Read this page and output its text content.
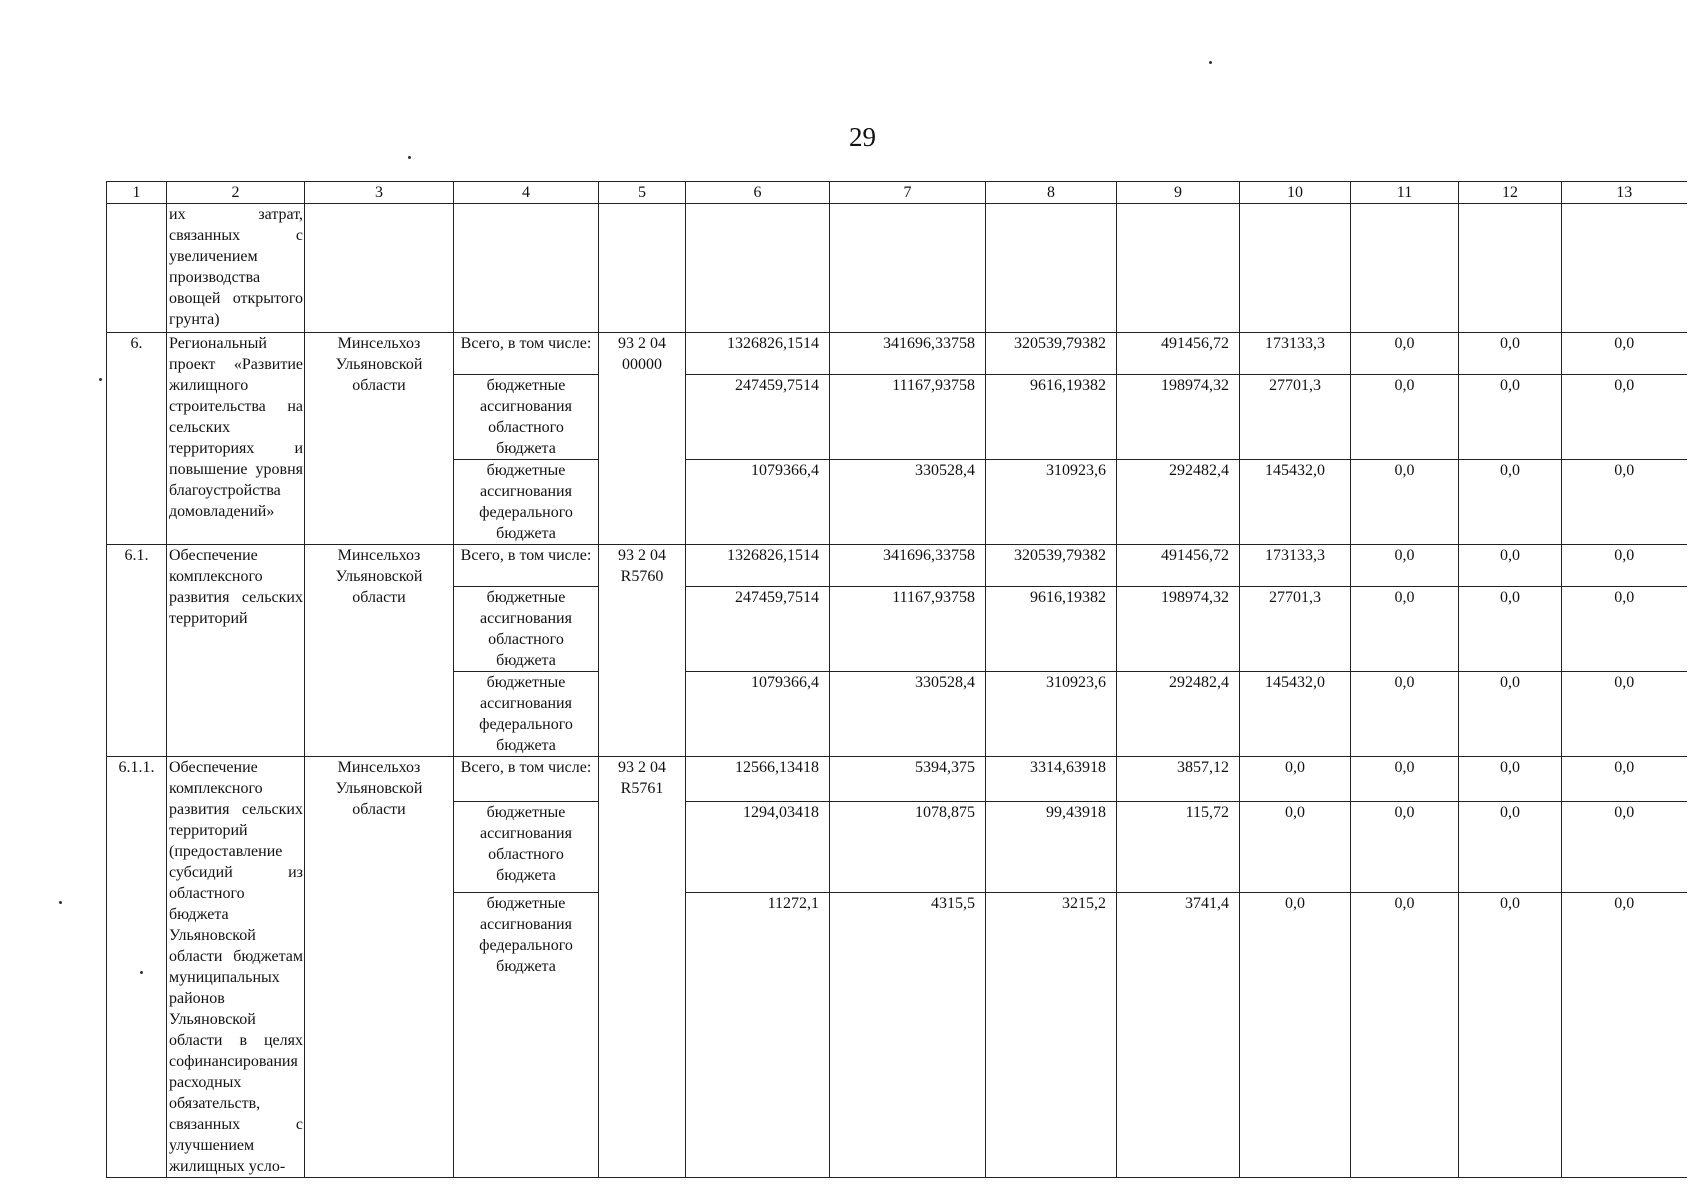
29
1	2	3	4	5	6	7	8	9	10	11	12	13
	их затрат, связанных с увеличением производства овощей открытого грунта)											
6.	Региональный проект «Развитие жилищного строительства на сельских территориях и повышение уровня благоустройства домовладений»	Минсельхоз Ульяновской области	Всего, в том числе:	93 2 04 00000	1326826,1514	341696,33758	320539,79382	491456,72	173133,3	0,0	0,0	0,0
			бюджетные ассигнования областного бюджета		247459,7514	11167,93758	9616,19382	198974,32	27701,3	0,0	0,0	0,0
			бюджетные ассигнования федерального бюджета		1079366,4	330528,4	310923,6	292482,4	145432,0	0,0	0,0	0,0
6.1.	Обеспечение комплексного развития сельских территорий	Минсельхоз Ульяновской области	Всего, в том числе:	93 2 04 R5760	1326826,1514	341696,33758	320539,79382	491456,72	173133,3	0,0	0,0	0,0
			бюджетные ассигнования областного бюджета		247459,7514	11167,93758	9616,19382	198974,32	27701,3	0,0	0,0	0,0
			бюджетные ассигнования федерального бюджета		1079366,4	330528,4	310923,6	292482,4	145432,0	0,0	0,0	0,0
6.1.1.	Обеспечение комплексного развития сельских территорий (предоставление субсидий из областного бюджета Ульяновской области бюджетам муниципальных районов Ульяновской области в целях софинансирования расходных обязательств, связанных с улучшением жилищных усло-	Минсельхоз Ульяновской области	Всего, в том числе:	93 2 04 R5761	12566,13418	5394,375	3314,63918	3857,12	0,0	0,0	0,0	0,0
			бюджетные ассигнования областного бюджета		1294,03418	1078,875	99,43918	115,72	0,0	0,0	0,0	0,0
			бюджетные ассигнования федерального бюджета		11272,1	4315,5	3215,2	3741,4	0,0	0,0	0,0	0,0
